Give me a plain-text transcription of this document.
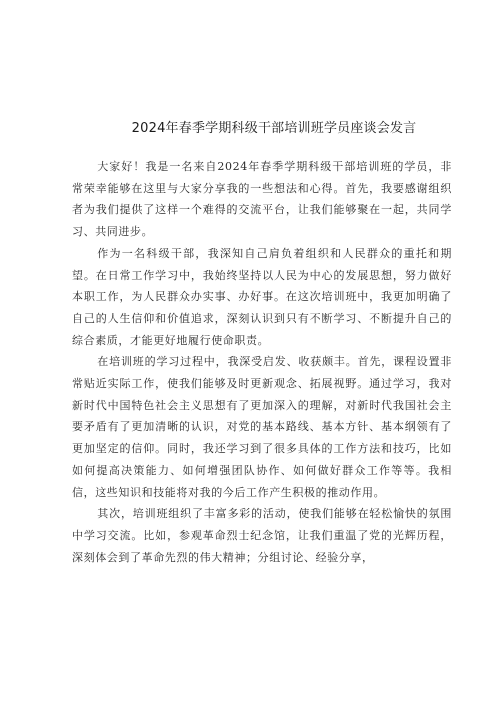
2024年春季学期科级干部培训班学员座谈会发言

大家好！我是一名来自2024年春季学期科级干部培训班的学员，非常荣幸能够在这里与大家分享我的一些想法和心得。首先，我要感谢组织者为我们提供了这样一个难得的交流平台，让我们能够聚在一起，共同学习、共同进步。

作为一名科级干部，我深知自己肩负着组织和人民群众的重托和期望。在日常工作学习中，我始终坚持以人民为中心的发展思想，努力做好本职工作，为人民群众办实事、办好事。在这次培训班中，我更加明确了自己的人生信仰和价值追求，深刻认识到只有不断学习、不断提升自己的综合素质，才能更好地履行使命职责。

在培训班的学习过程中，我深受启发、收获颇丰。首先，课程设置非常贴近实际工作，使我们能够及时更新观念、拓展视野。通过学习，我对新时代中国特色社会主义思想有了更加深入的理解，对新时代我国社会主要矛盾有了更加清晰的认识，对党的基本路线、基本方针、基本纲领有了更加坚定的信仰。同时，我还学习到了很多具体的工作方法和技巧，比如如何提高决策能力、如何增强团队协作、如何做好群众工作等等。我相信，这些知识和技能将对我的今后工作产生积极的推动作用。

其次，培训班组织了丰富多彩的活动，使我们能够在轻松愉快的氛围中学习交流。比如，参观革命烈士纪念馆，让我们重温了党的光辉历程，深刻体会到了革命先烈的伟大精神；分组讨论、经验分享，
